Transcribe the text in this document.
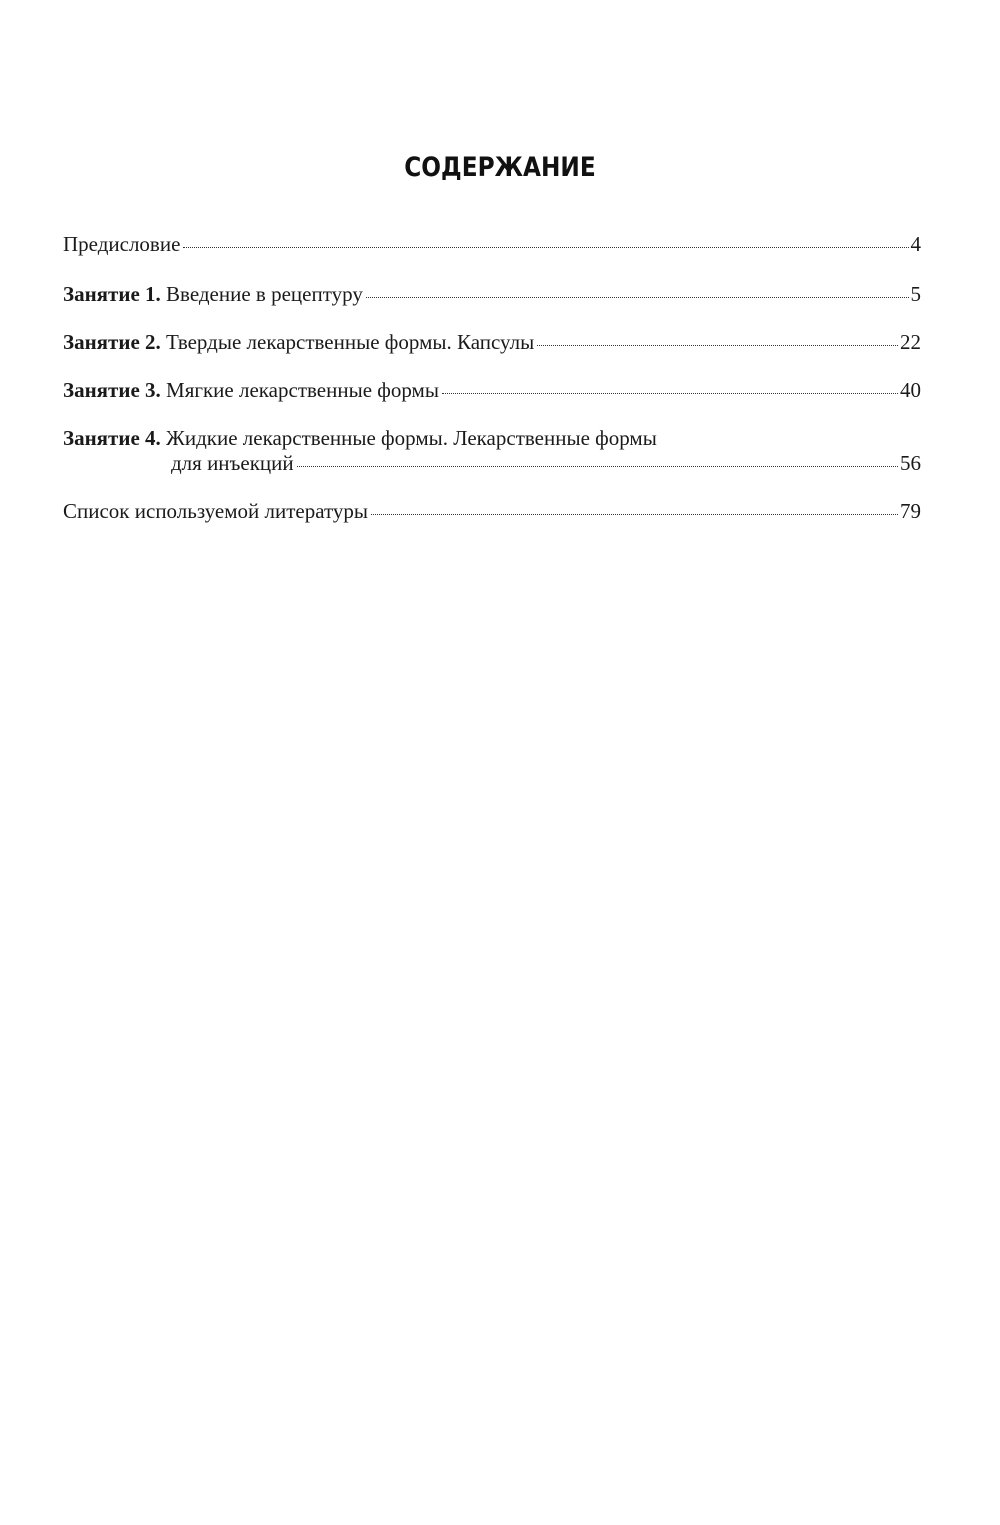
СОДЕРЖАНИЕ
Предисловие	4
Занятие 1. Введение в рецептуру	5
Занятие 2. Твердые лекарственные формы. Капсулы	22
Занятие 3. Мягкие лекарственные формы	40
Занятие 4. Жидкие лекарственные формы. Лекарственные формы
для инъекций	56
Список используемой литературы	79
